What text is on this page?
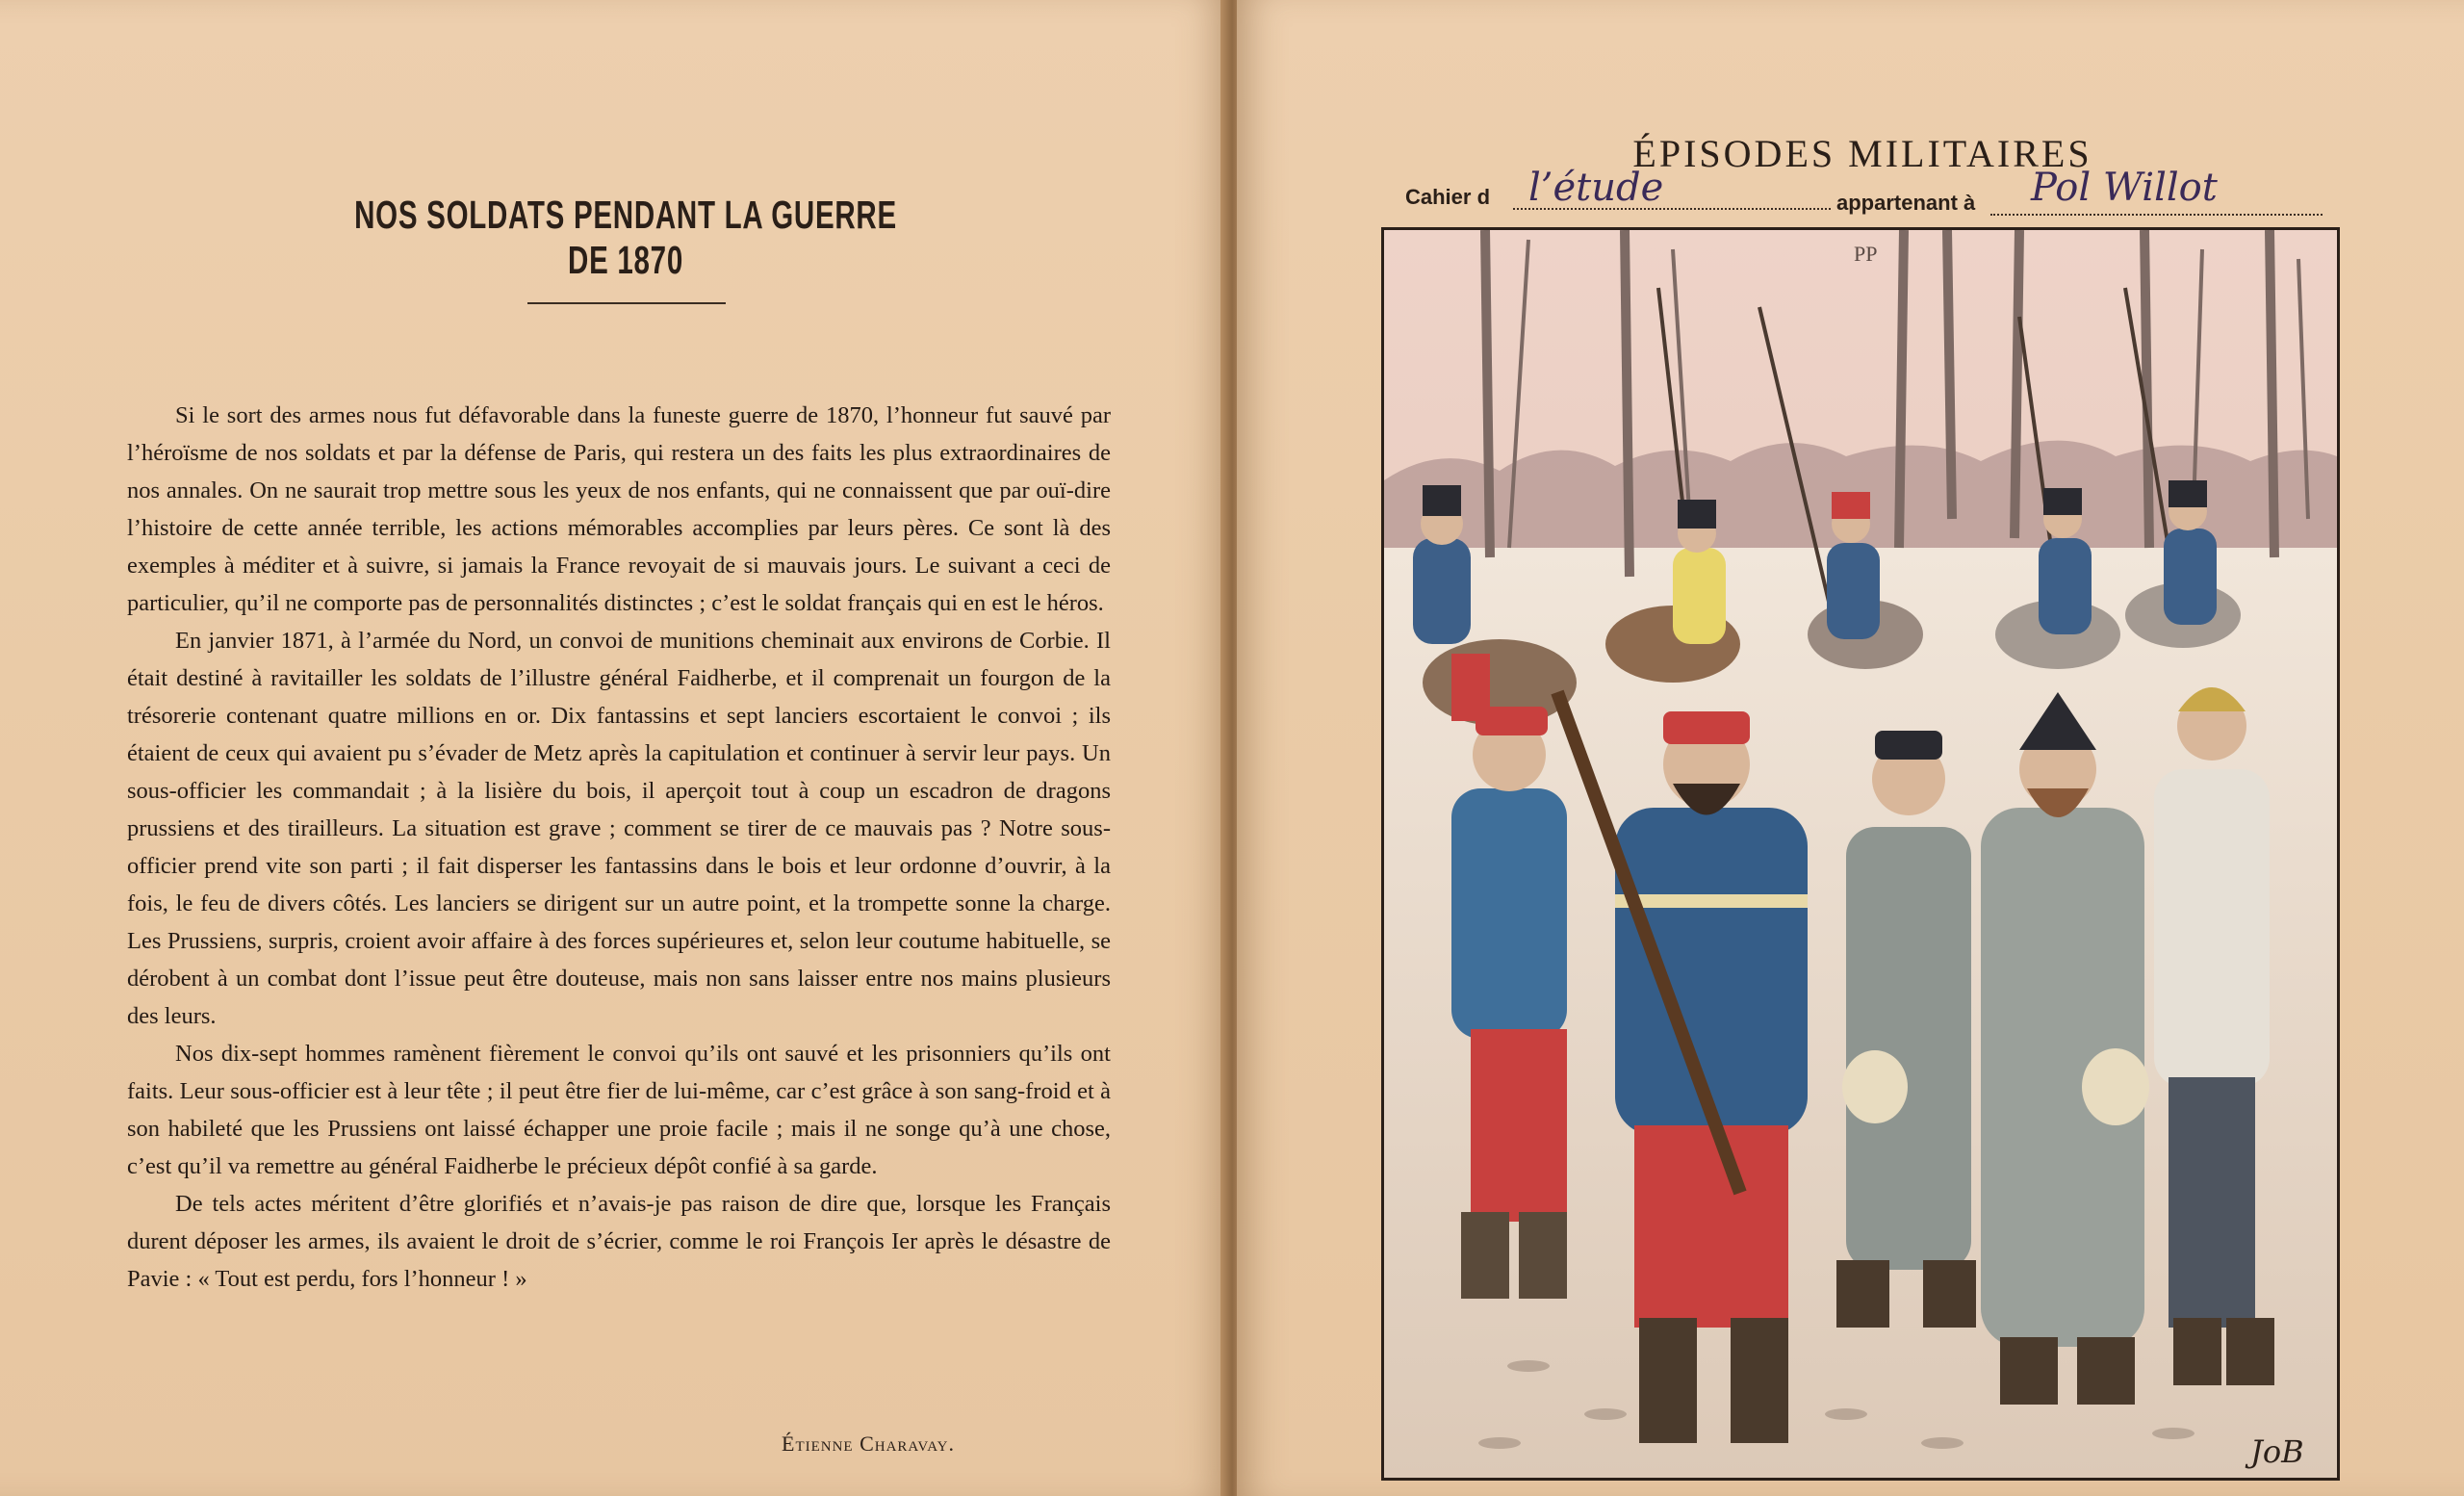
NOS SOLDATS PENDANT LA GUERRE DE 1870

Si le sort des armes nous fut défavorable dans la funeste guerre de 1870, l’honneur fut sauvé par l’héroïsme de nos soldats et par la défense de Paris, qui restera un des faits les plus extraordinaires de nos annales. On ne saurait trop mettre sous les yeux de nos enfants, qui ne connaissent que par ouï-dire l’histoire de cette année terrible, les actions mémorables accomplies par leurs pères. Ce sont là des exemples à méditer et à suivre, si jamais la France revoyait de si mauvais jours. Le suivant a ceci de particulier, qu’il ne comporte pas de personnalités distinctes ; c’est le soldat français qui en est le héros.

En janvier 1871, à l’armée du Nord, un convoi de munitions cheminait aux environs de Corbie. Il était destiné à ravitailler les soldats de l’illustre général Faidherbe, et il comprenait un fourgon de la trésorerie contenant quatre millions en or. Dix fantassins et sept lanciers escortaient le convoi ; ils étaient de ceux qui avaient pu s’évader de Metz après la capitulation et continuer à servir leur pays. Un sous-officier les commandait ; à la lisière du bois, il aperçoit tout à coup un escadron de dragons prussiens et des tirailleurs. La situation est grave ; comment se tirer de ce mauvais pas ? Notre sous-officier prend vite son parti ; il fait disperser les fantassins dans le bois et leur ordonne d’ouvrir, à la fois, le feu de divers côtés. Les lanciers se dirigent sur un autre point, et la trompette sonne la charge. Les Prussiens, surpris, croient avoir affaire à des forces supérieures et, selon leur coutume habituelle, se dérobent à un combat dont l’issue peut être douteuse, mais non sans laisser entre nos mains plusieurs des leurs.

Nos dix-sept hommes ramènent fièrement le convoi qu’ils ont sauvé et les prisonniers qu’ils ont faits. Leur sous-officier est à leur tête ; il peut être fier de lui-même, car c’est grâce à son sang-froid et à son habileté que les Prussiens ont laissé échapper une proie facile ; mais il ne songe qu’à une chose, c’est qu’il va remettre au général Faidherbe le précieux dépôt confié à sa garde.

De tels actes méritent d’être glorifiés et n’avais-je pas raison de dire que, lorsque les Français durent déposer les armes, ils avaient le droit de s’écrier, comme le roi François Ier après le désastre de Pavie : « Tout est perdu, fors l’honneur ! »

Étienne Charavay.
ÉPISODES MILITAIRES
Cahier d l’étude	appartenant à Pol Willot
PP
JoB
